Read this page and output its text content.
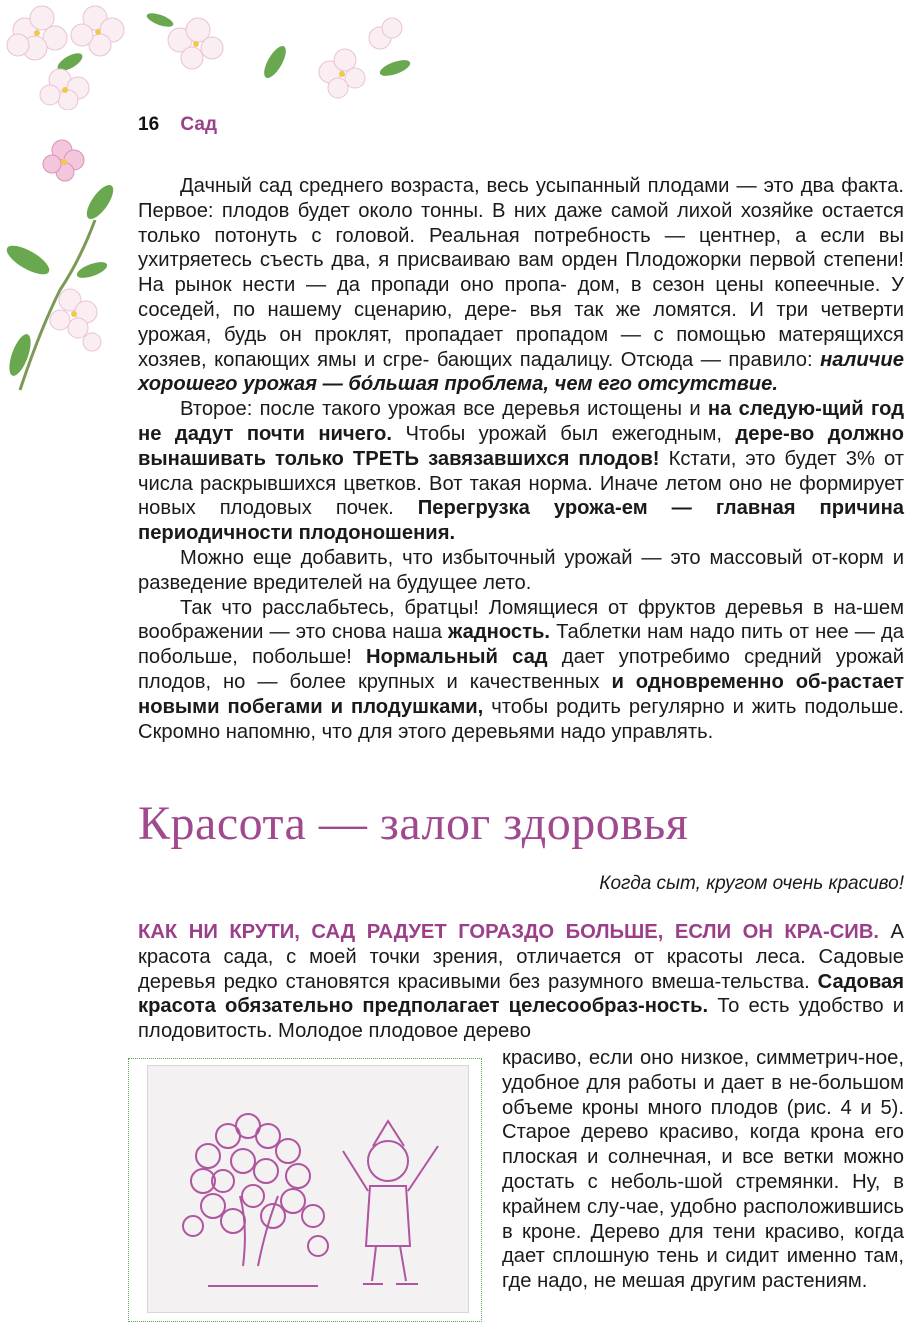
16 Сад

Дачный сад среднего возраста, весь усыпанный плодами — это два факта. Первое: плодов будет около тонны. В них даже самой лихой хозяйке остается только потонуть с головой. Реальная потребность — центнер, а если вы ухитряетесь съесть два, я присваиваю вам орден Плодожорки первой степени! На рынок нести — да пропади оно пропа- дом, в сезон цены копеечные. У соседей, по нашему сценарию, дере- вья так же ломятся. И три четверти урожая, будь он проклят, пропадает пропадом — с помощью матерящихся хозяев, копающих ямы и сгре- бающих падалицу. Отсюда — правило: наличие хорошего урожая — бо́льшая проблема, чем его отсутствие.

Второе: после такого урожая все деревья истощены и на следую-щий год не дадут почти ничего. Чтобы урожай был ежегодным, дере-во должно вынашивать только ТРЕТЬ завязавшихся плодов! Кстати, это будет 3% от числа раскрывшихся цветков. Вот такая норма. Иначе летом оно не формирует новых плодовых почек. Перегрузка урожа-ем — главная причина периодичности плодоношения.

Можно еще добавить, что избыточный урожай — это массовый от-корм и разведение вредителей на будущее лето.

Так что расслабьтесь, братцы! Ломящиеся от фруктов деревья в на-шем воображении — это снова наша жадность. Таблетки нам надо пить от нее — да побольше, побольше! Нормальный сад дает употребимо средний урожай плодов, но — более крупных и качественных и одновременно об-растает новыми побегами и плодушками, чтобы родить регулярно и жить подольше. Скромно напомню, что для этого деревьями надо управлять.

Красота — залог здоровья
Когда сыт, кругом очень красиво!

КАК НИ КРУТИ, САД РАДУЕТ ГОРАЗДО БОЛЬШЕ, ЕСЛИ ОН КРА-СИВ. А красота сада, с моей точки зрения, отличается от красоты леса. Садовые деревья редко становятся красивыми без разумного вмеша-тельства. Садовая красота обязательно предполагает целесообраз-ность. То есть удобство и плодовитость. Молодое плодовое дерево

красиво, если оно низкое, симметрич-ное, удобное для работы и дает в не-большом объеме кроны много плодов (рис. 4 и 5). Старое дерево красиво, когда крона его плоская и солнечная, и все ветки можно достать с неболь-шой стремянки. Ну, в крайнем слу-чае, удобно расположившись в кроне. Дерево для тени красиво, когда дает сплошную тень и сидит именно там, где надо, не мешая другим растениям.
